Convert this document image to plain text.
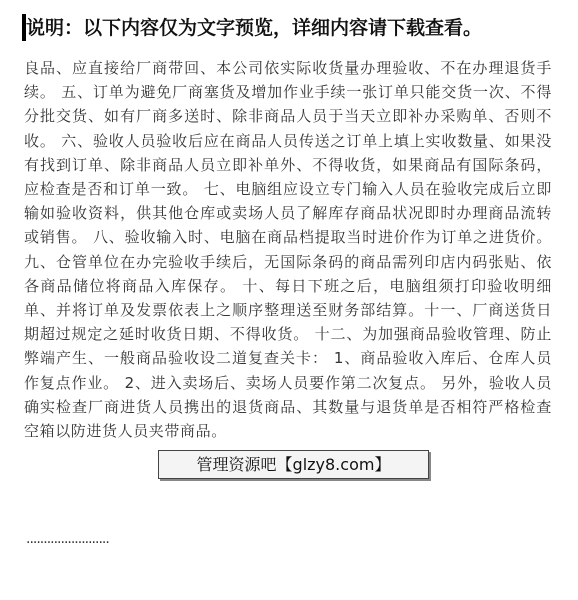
说明：以下内容仅为文字预览，详细内容请下载查看。
良品、应直接给厂商带回、本公司依实际收货量办理验收、不在办理退货手续。 五、订单为避免厂商塞货及增加作业手续一张订单只能交货一次、不得分批交货、如有厂商多送时、除非商品人员于当天立即补办采购单、否则不收。 六、验收人员验收后应在商品人员传送之订单上填上实收数量、如果没有找到订单、除非商品人员立即补单外、不得收货，如果商品有国际条码，应检查是否和订单一致。 七、电脑组应设立专门输入人员在验收完成后立即输如验收资料，供其他仓库或卖场人员了解库存商品状况即时办理商品流转或销售。 八、验收输入时、电脑在商品档提取当时进价作为订单之进货价。 九、仓管单位在办完验收手续后，无国际条码的商品需列印店内码张贴、依各商品储位将商品入库保存。 十、每日下班之后，电脑组须打印验收明细单、并将订单及发票依表上之顺序整理送至财务部结算。十一、厂商送货日期超过规定之延时收货日期、不得收货。 十二、为加强商品验收管理、防止弊端产生、一般商品验收设二道复查关卡： 1、商品验收入库后、仓库人员作复点作业。 2、进入卖场后、卖场人员要作第二次复点。 另外，验收人员确实检查厂商进货人员携出的退货商品、其数量与退货单是否相符严格检查空箱以防进货人员夹带商品。
管理资源吧【glzy8.com】
························
